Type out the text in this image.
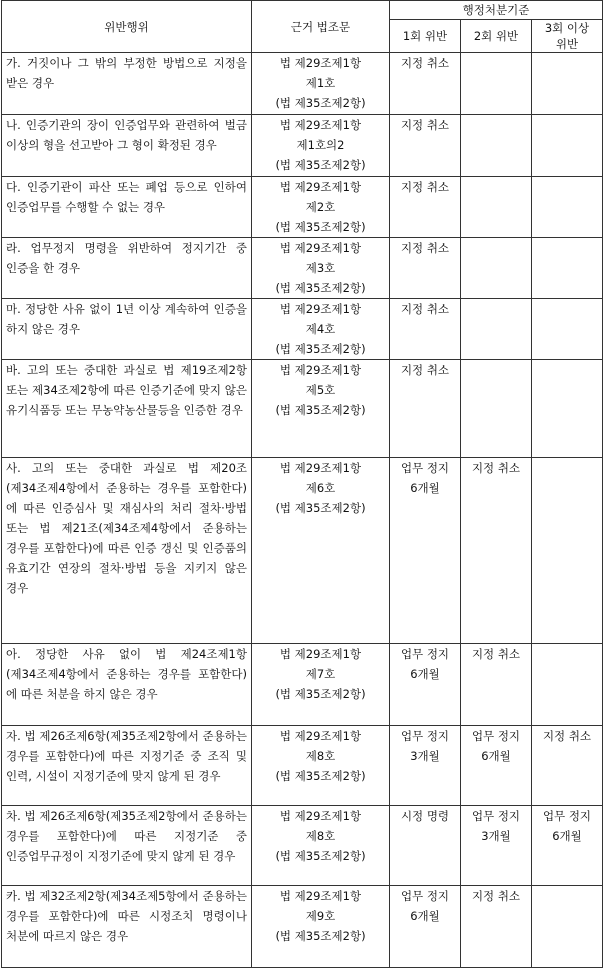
위반행위	근거 법조문	행정처분기준		
		1회 위반	2회 위반	3회 이상 위반
가. 거짓이나 그 밖의 부정한 방법으로 지정을 받은 경우	법 제29조제1항
제1호
(법 제35조제2항)	지정 취소		
나. 인증기관의 장이 인증업무와 관련하여 벌금 이상의 형을 선고받아 그 형이 확정된 경우	법 제29조제1항
제1호의2
(법 제35조제2항)	지정 취소		
다. 인증기관이 파산 또는 폐업 등으로 인하여 인증업무를 수행할 수 없는 경우	법 제29조제1항
제2호
(법 제35조제2항)	지정 취소		
라. 업무정지 명령을 위반하여 정지기간 중 인증을 한 경우	법 제29조제1항
제3호
(법 제35조제2항)	지정 취소		
마. 정당한 사유 없이 1년 이상 계속하여 인증을 하지 않은 경우	법 제29조제1항
제4호
(법 제35조제2항)	지정 취소		
바. 고의 또는 중대한 과실로 법 제19조제2항 또는 제34조제2항에 따른 인증기준에 맞지 않은 유기식품등 또는 무농약농산물등을 인증한 경우	법 제29조제1항
제5호
(법 제35조제2항)	지정 취소		
사. 고의 또는 중대한 과실로 법 제20조(제34조제4항에서 준용하는 경우를 포함한다)에 따른 인증심사 및 재심사의 처리 절차·방법 또는 법 제21조(제34조제4항에서 준용하는 경우를 포함한다)에 따른 인증 갱신 및 인증품의 유효기간 연장의 절차·방법 등을 지키지 않은 경우	법 제29조제1항
제6호
(법 제35조제2항)	업무 정지 6개월	지정 취소	
아. 정당한 사유 없이 법 제24조제1항(제34조제4항에서 준용하는 경우를 포함한다)에 따른 처분을 하지 않은 경우	법 제29조제1항
제7호
(법 제35조제2항)	업무 정지 6개월	지정 취소	
자. 법 제26조제6항(제35조제2항에서 준용하는 경우를 포함한다)에 따른 지정기준 중 조직 및 인력, 시설이 지정기준에 맞지 않게 된 경우	법 제29조제1항
제8호
(법 제35조제2항)	업무 정지 3개월	업무 정지 6개월	지정 취소
차. 법 제26조제6항(제35조제2항에서 준용하는 경우를 포함한다)에 따른 지정기준 중 인증업무규정이 지정기준에 맞지 않게 된 경우	법 제29조제1항
제8호
(법 제35조제2항)	시정 명령	업무 정지 3개월	업무 정지 6개월
카. 법 제32조제2항(제34조제5항에서 준용하는 경우를 포함한다)에 따른 시정조치 명령이나 처분에 따르지 않은 경우	법 제29조제1항
제9호
(법 제35조제2항)	업무 정지 6개월	지정 취소	
